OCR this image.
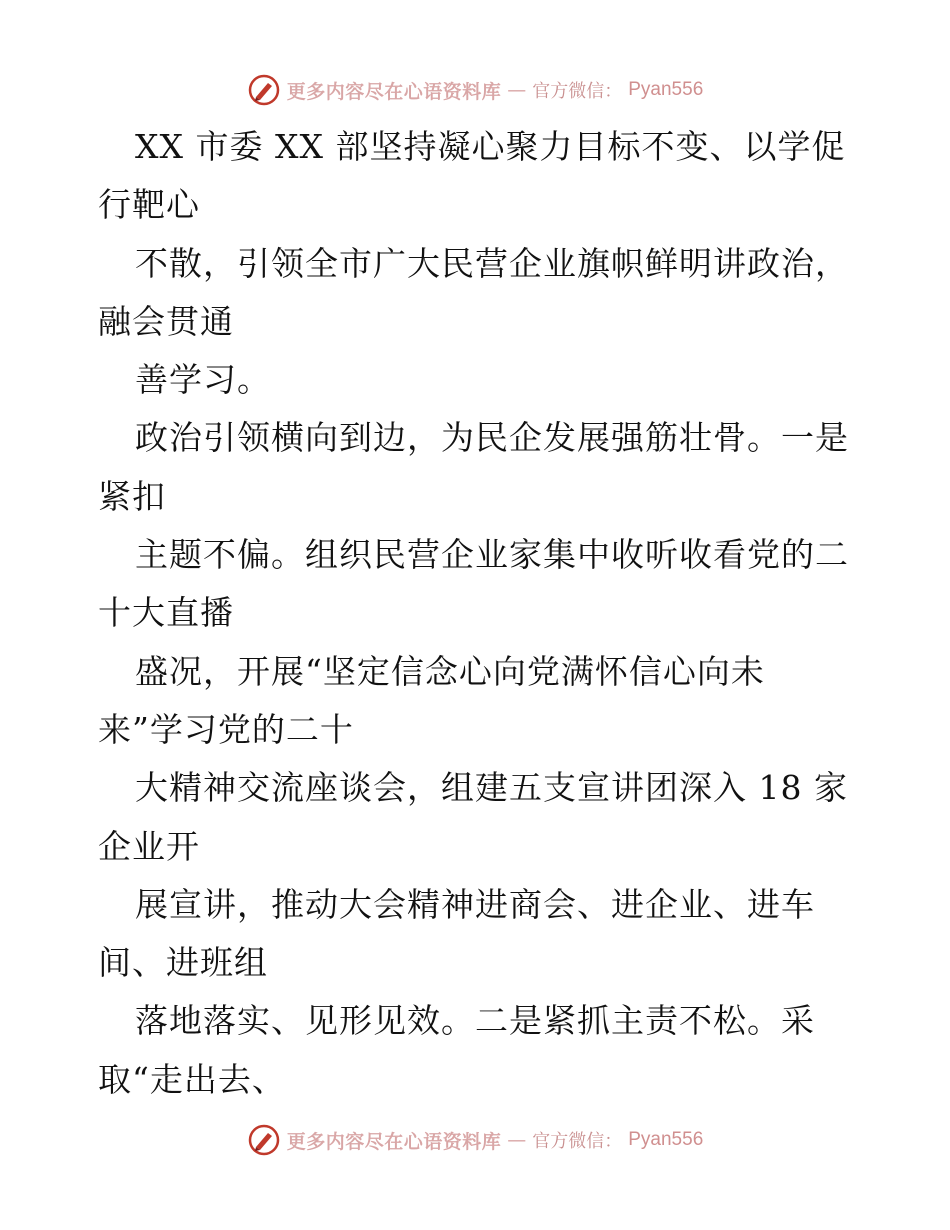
更多内容尽在心语资料库 — 官方微信： Pyan556
XX 市委 XX 部坚持凝心聚力目标不变、以学促
行靶心
不散，引领全市广大民营企业旗帜鲜明讲政治，
融会贯通
善学习。
政治引领横向到边，为民企发展强筋壮骨。一是
紧扣
主题不偏。组织民营企业家集中收听收看党的二
十大直播
盛况，开展“坚定信念心向党满怀信心向未
来”学习党的二十
大精神交流座谈会，组建五支宣讲团深入 18 家
企业开
展宣讲，推动大会精神进商会、进企业、进车
间、进班组
落地落实、见形见效。二是紧抓主责不松。采
取“走出去、
更多内容尽在心语资料库 — 官方微信： Pyan556
